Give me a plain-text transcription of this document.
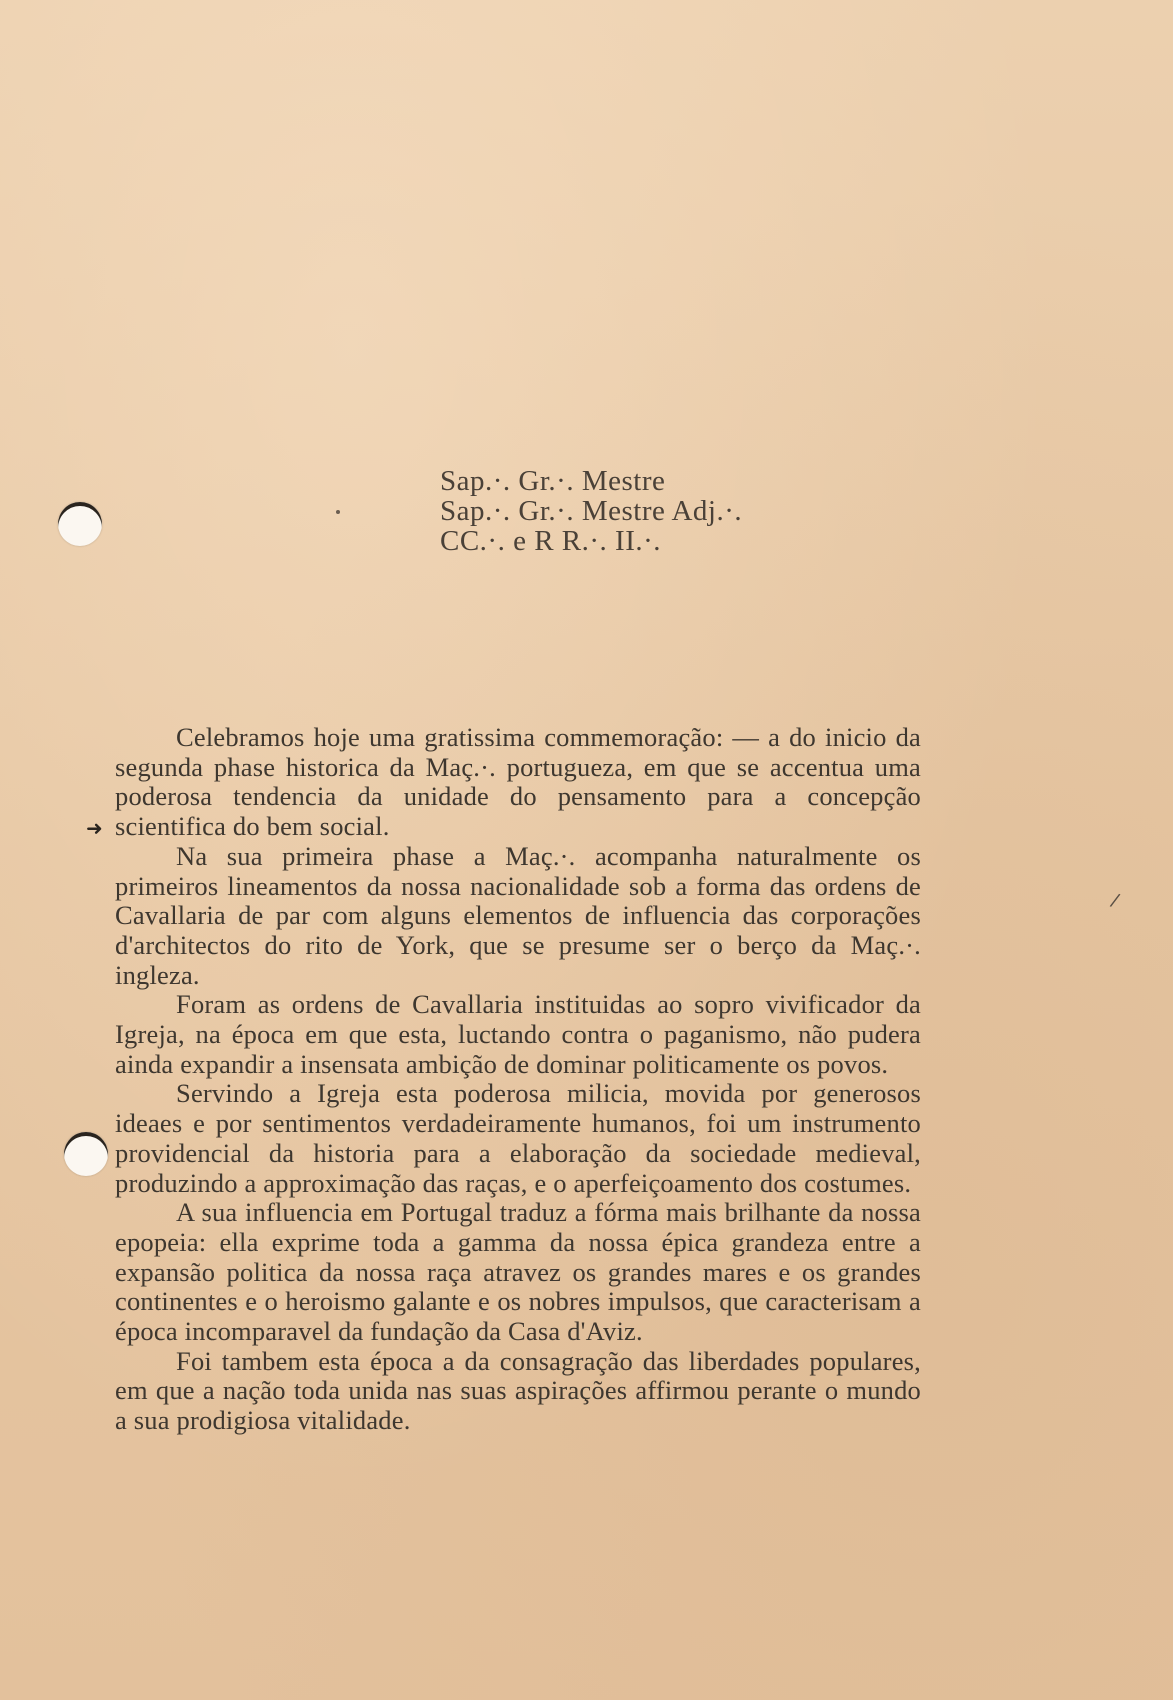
➜
/
Sap.·. Gr.·. Mestre
Sap.·. Gr.·. Mestre Adj.·.
CC.·. e R R.·. II.·.

Celebramos hoje uma gratissima commemoração: — a do inicio da segunda phase historica da Maç.·. portugueza, em que se accentua uma poderosa tendencia da unidade do pensamento para a concepção scientifica do bem social.

Na sua primeira phase a Maç.·. acompanha naturalmente os primeiros lineamentos da nossa nacionalidade sob a forma das ordens de Cavallaria de par com alguns elementos de influencia das corporações d'architectos do rito de York, que se presume ser o berço da Maç.·. ingleza.

Foram as ordens de Cavallaria instituidas ao sopro vivificador da Igreja, na época em que esta, luctando contra o paganismo, não pudera ainda expandir a insensata ambição de dominar politicamente os povos.

Servindo a Igreja esta poderosa milicia, movida por generosos ideaes e por sentimentos verdadeiramente humanos, foi um instrumento providencial da historia para a elaboração da sociedade medieval, produzindo a approximação das raças, e o aperfeiçoamento dos costumes.

A sua influencia em Portugal traduz a fórma mais brilhante da nossa epopeia: ella exprime toda a gamma da nossa épica grandeza entre a expansão politica da nossa raça atravez os grandes mares e os grandes continentes e o heroismo galante e os nobres impulsos, que caracterisam a época incomparavel da fundação da Casa d'Aviz.

Foi tambem esta época a da consagração das liberdades populares, em que a nação toda unida nas suas aspirações affirmou perante o mundo a sua prodigiosa vitalidade.
